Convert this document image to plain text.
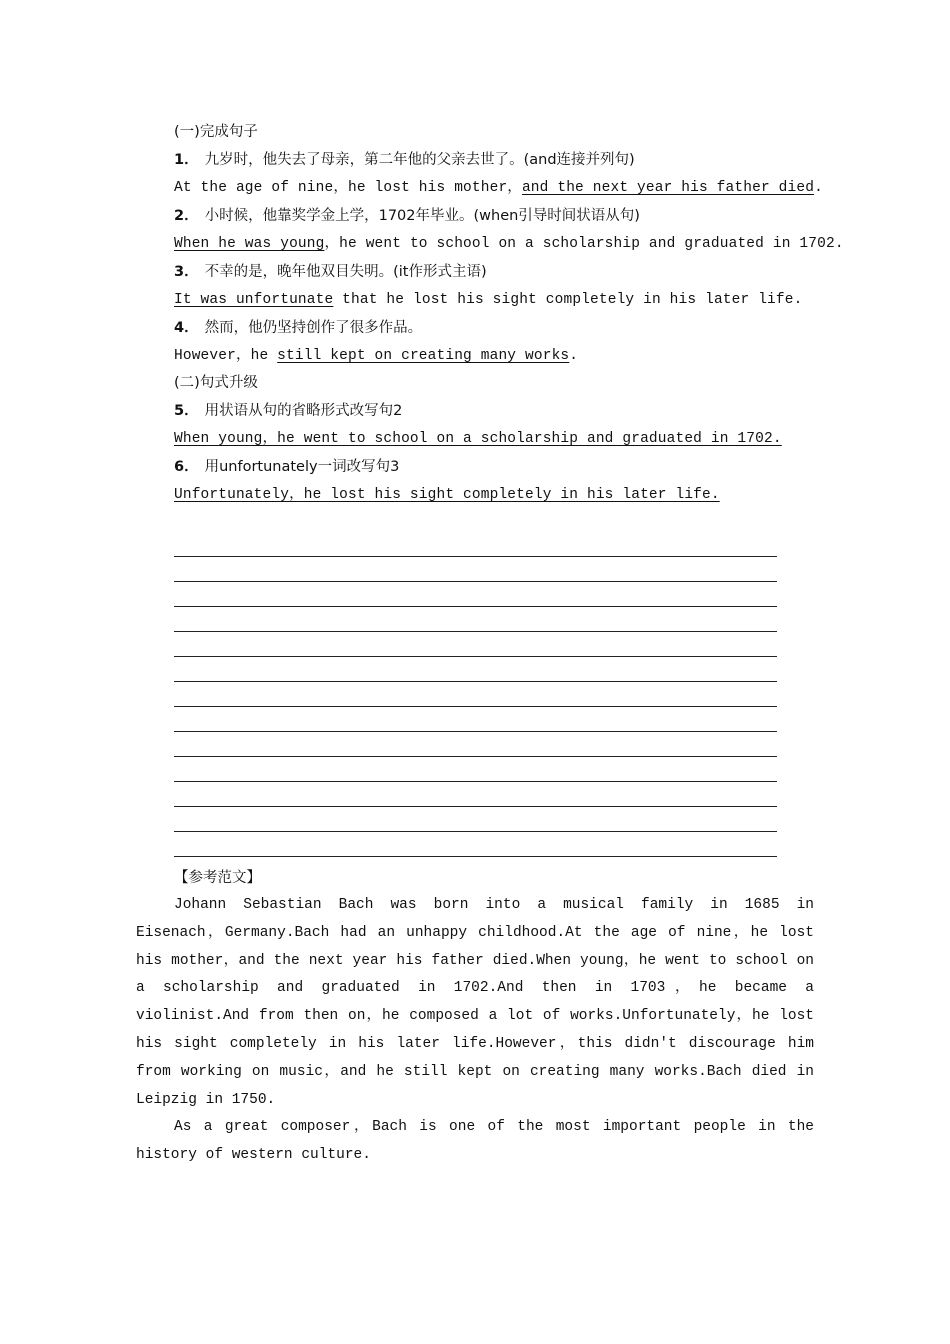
(一)完成句子
1． 九岁时，他失去了母亲，第二年他的父亲去世了。(and连接并列句)
At the age of nine，he lost his mother，and the next year his father died.
2． 小时候，他靠奖学金上学，1702年毕业。(when引导时间状语从句)
When he was young，he went to school on a scholarship and graduated in 1702.
3． 不幸的是，晚年他双目失明。(it作形式主语)
It was unfortunate that he lost his sight completely in his later life.
4． 然而，他仍坚持创作了很多作品。
However，he still kept on creating many works.
(二)句式升级
5． 用状语从句的省略形式改写句2
When young，he went to school on a scholarship and graduated in 1702.
6． 用unfortunately一词改写句3
Unfortunately，he lost his sight completely in his later life.
【参考范文】

Johann Sebastian Bach was born into a musical family in 1685 in Eisenach，Germany.Bach had an unhappy childhood.At the age of nine，he lost his mother，and the next year his father died.When young，he went to school on a scholarship and graduated in 1702.And then in 1703，he became a violinist.And from then on，he composed a lot of works.Unfortunately，he lost his sight completely in his later life.However，this didn't discourage him from working on music，and he still kept on creating many works.Bach died in Leipzig in 1750.

As a great composer，Bach is one of the most important people in the history of western culture.
